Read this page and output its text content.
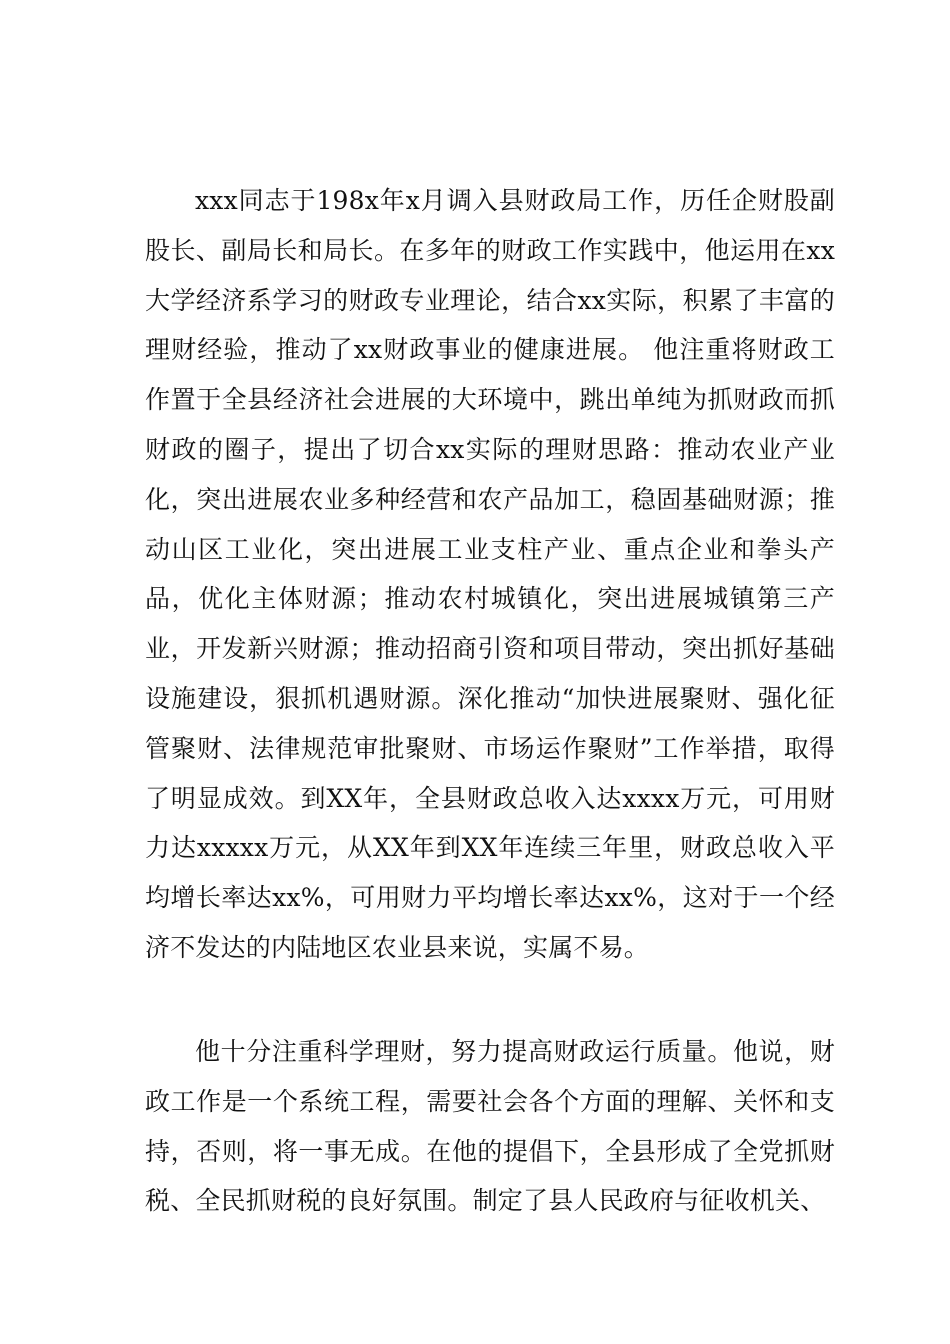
xxx同志于198x年x月调入县财政局工作，历任企财股副股长、副局长和局长。在多年的财政工作实践中，他运用在xx大学经济系学习的财政专业理论，结合xx实际，积累了丰富的理财经验，推动了xx财政事业的健康进展。 他注重将财政工作置于全县经济社会进展的大环境中，跳出单纯为抓财政而抓财政的圈子，提出了切合xx实际的理财思路：推动农业产业化，突出进展农业多种经营和农产品加工，稳固基础财源；推动山区工业化，突出进展工业支柱产业、重点企业和拳头产品，优化主体财源；推动农村城镇化，突出进展城镇第三产业，开发新兴财源；推动招商引资和项目带动，突出抓好基础设施建设，狠抓机遇财源。深化推动“加快进展聚财、强化征管聚财、法律规范审批聚财、市场运作聚财”工作举措，取得了明显成效。到XX年，全县财政总收入达xxxx万元，可用财力达xxxxx万元，从XX年到XX年连续三年里，财政总收入平均增长率达xx%，可用财力平均增长率达xx%，这对于一个经济不发达的内陆地区农业县来说，实属不易。

他十分注重科学理财，努力提高财政运行质量。他说，财政工作是一个系统工程，需要社会各个方面的理解、关怀和支持，否则，将一事无成。在他的提倡下，全县形成了全党抓财税、全民抓财税的良好氛围。制定了县人民政府与征收机关、
